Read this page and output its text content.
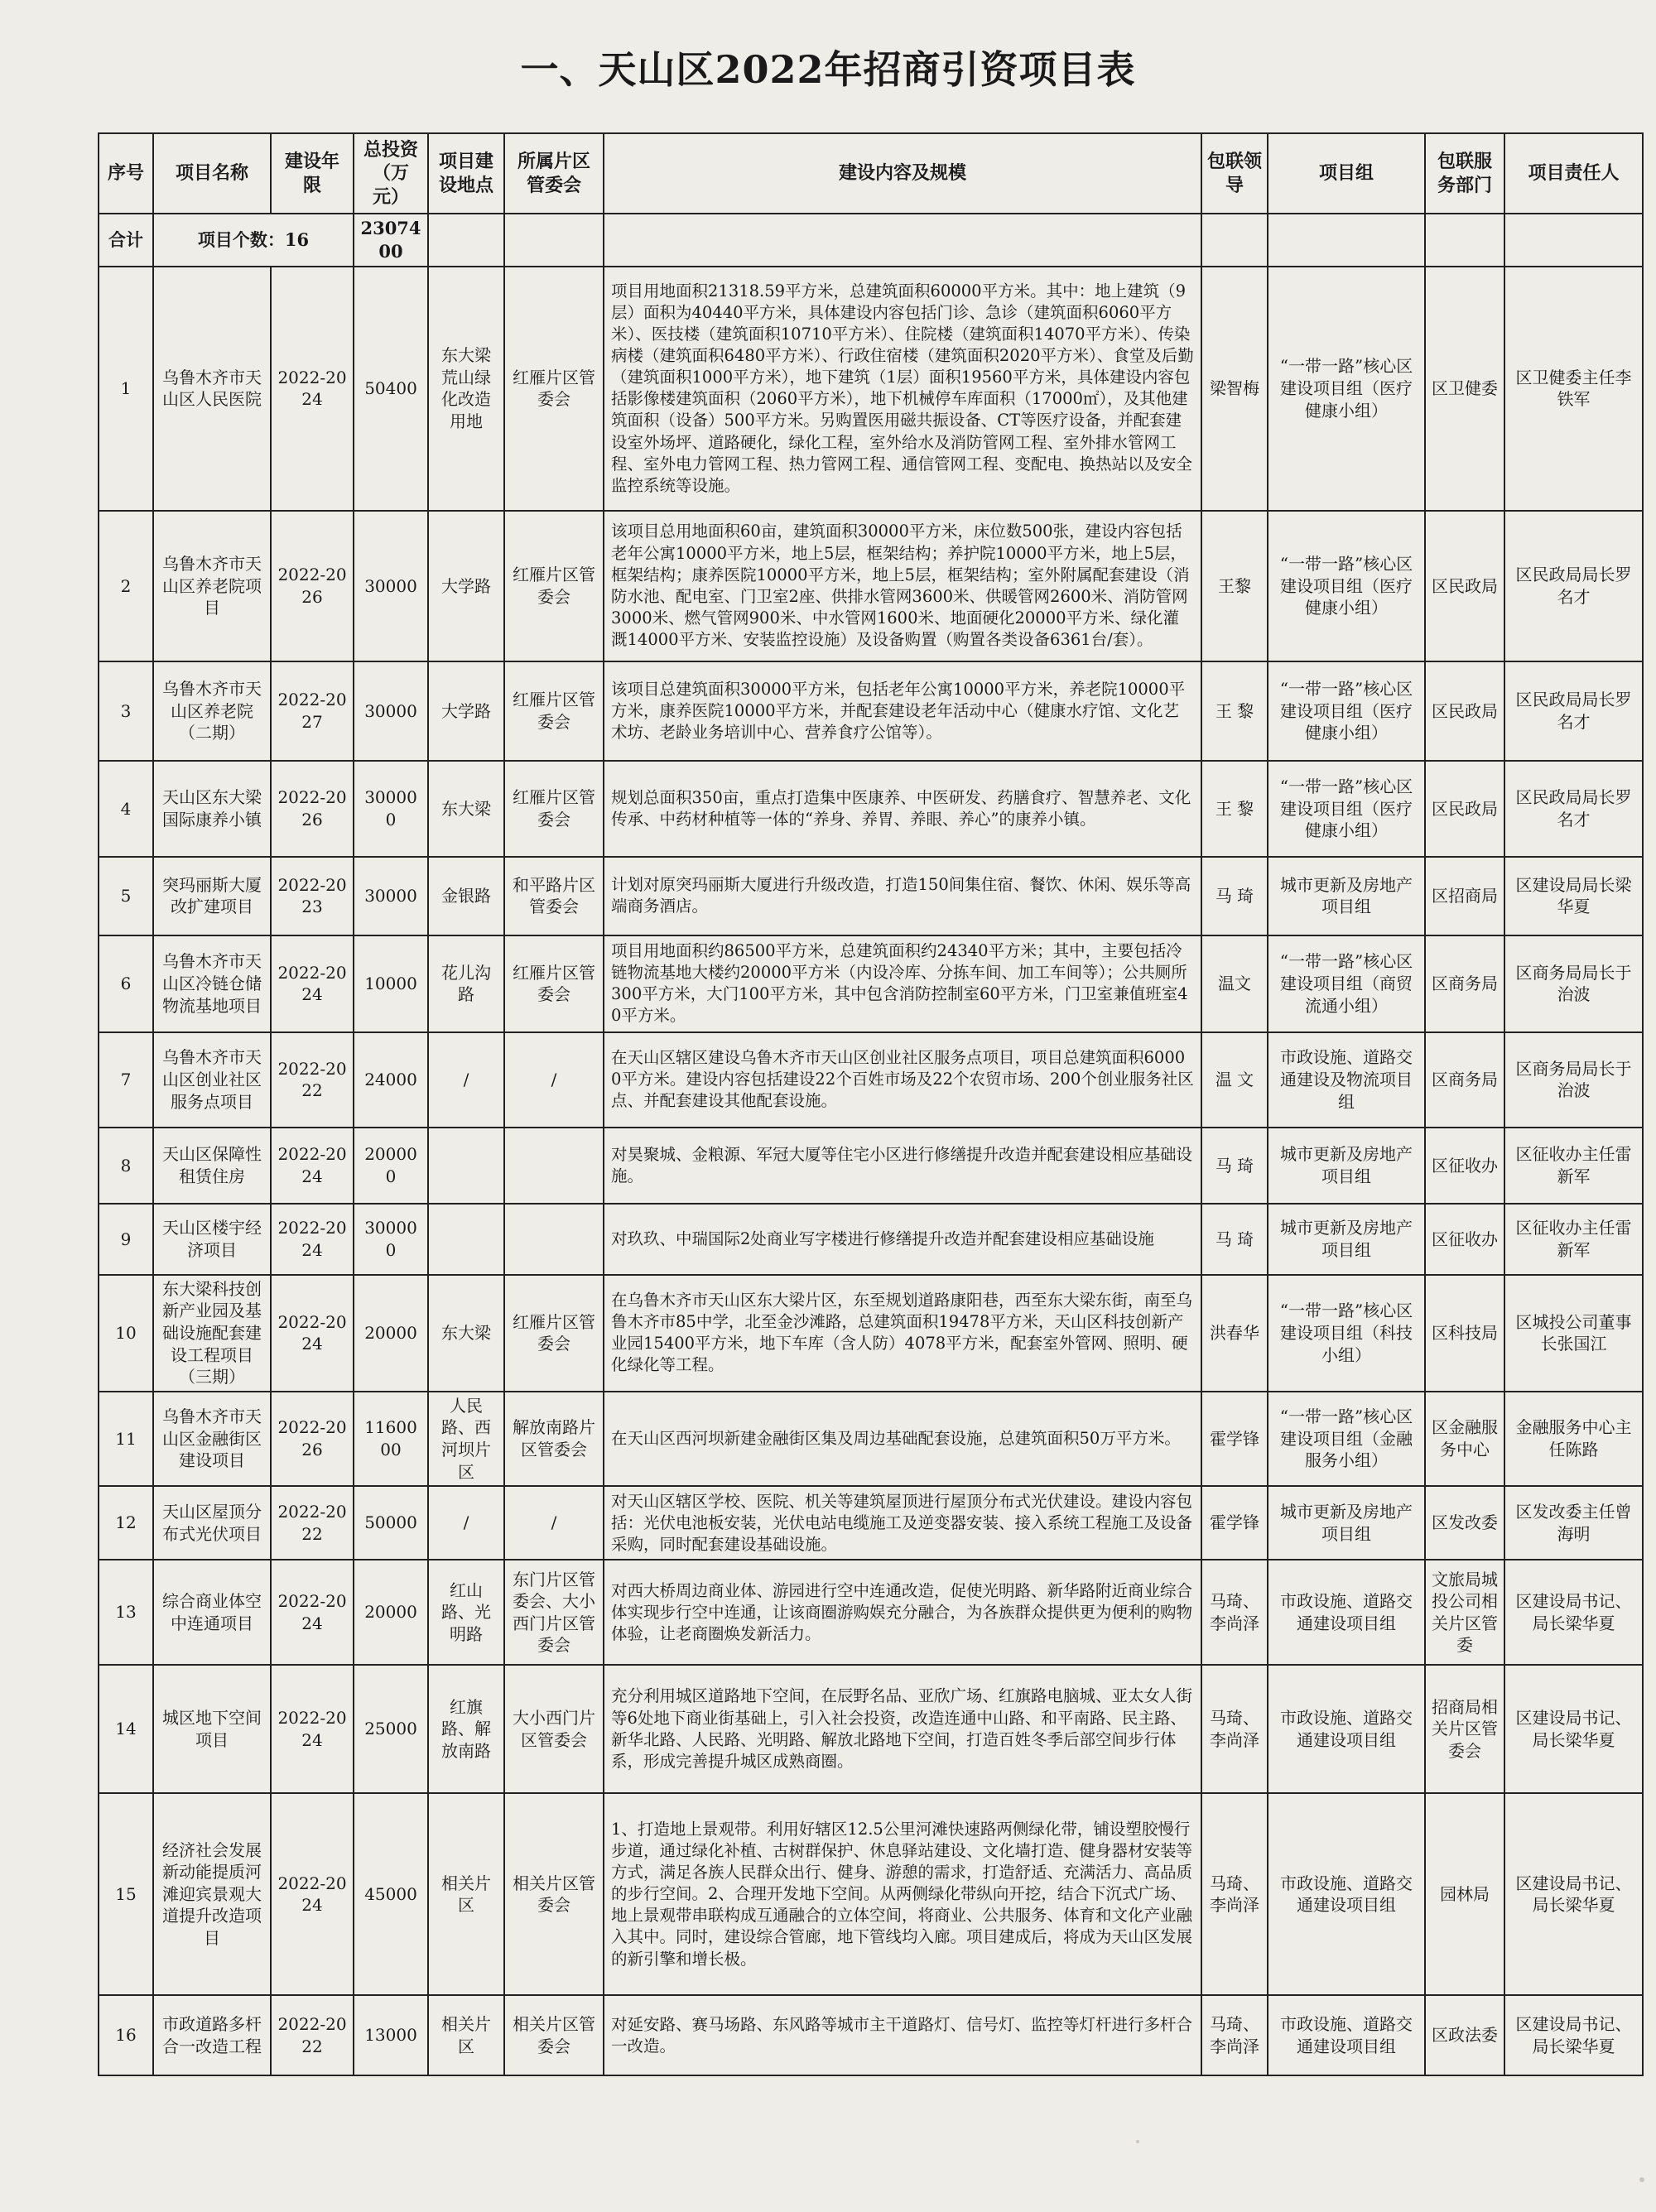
一、天山区2022年招商引资项目表
序号	项目名称	建设年限	总投资（万元）	项目建设地点	所属片区管委会	建设内容及规模	包联领导	项目组	包联服务部门	项目责任人
合计	项目个数：16		2307400							
1	乌鲁木齐市天山区人民医院	2022-2024	50400	东大梁荒山绿化改造用地	红雁片区管委会	项目用地面积21318.59平方米，总建筑面积60000平方米。其中：地上建筑（9层）面积为40440平方米，具体建设内容包括门诊、急诊（建筑面积6060平方米）、医技楼（建筑面积10710平方米）、住院楼（建筑面积14070平方米）、传染病楼（建筑面积6480平方米）、行政住宿楼（建筑面积2020平方米）、食堂及后勤（建筑面积1000平方米），地下建筑（1层）面积19560平方米，具体建设内容包括影像楼建筑面积（2060平方米），地下机械停车库面积（17000㎡），及其他建筑面积（设备）500平方米。另购置医用磁共振设备、CT等医疗设备，并配套建设室外场坪、道路硬化，绿化工程，室外给水及消防管网工程、室外排水管网工程、室外电力管网工程、热力管网工程、通信管网工程、变配电、换热站以及安全监控系统等设施。	梁智梅	“一带一路”核心区建设项目组（医疗健康小组）	区卫健委	区卫健委主任李铁军
2	乌鲁木齐市天山区养老院项目	2022-2026	30000	大学路	红雁片区管委会	该项目总用地面积60亩，建筑面积30000平方米，床位数500张，建设内容包括老年公寓10000平方米，地上5层，框架结构；养护院10000平方米，地上5层，框架结构；康养医院10000平方米，地上5层，框架结构；室外附属配套建设（消防水池、配电室、门卫室2座、供排水管网3600米、供暖管网2600米、消防管网3000米、燃气管网900米、中水管网1600米、地面硬化20000平方米、绿化灌溉14000平方米、安装监控设施）及设备购置（购置各类设备6361台/套）。	王黎	“一带一路”核心区建设项目组（医疗健康小组）	区民政局	区民政局局长罗名才
3	乌鲁木齐市天山区养老院（二期）	2022-2027	30000	大学路	红雁片区管委会	该项目总建筑面积30000平方米，包括老年公寓10000平方米，养老院10000平方米，康养医院10000平方米，并配套建设老年活动中心（健康水疗馆、文化艺术坊、老龄业务培训中心、营养食疗公馆等）。	王 黎	“一带一路”核心区建设项目组（医疗健康小组）	区民政局	区民政局局长罗名才
4	天山区东大梁国际康养小镇	2022-2026	300000	东大梁	红雁片区管委会	规划总面积350亩，重点打造集中医康养、中医研发、药膳食疗、智慧养老、文化传承、中药材种植等一体的“养身、养胃、养眼、养心”的康养小镇。	王 黎	“一带一路”核心区建设项目组（医疗健康小组）	区民政局	区民政局局长罗名才
5	突玛丽斯大厦改扩建项目	2022-2023	30000	金银路	和平路片区管委会	计划对原突玛丽斯大厦进行升级改造，打造150间集住宿、餐饮、休闲、娱乐等高端商务酒店。	马 琦	城市更新及房地产项目组	区招商局	区建设局局长梁华夏
6	乌鲁木齐市天山区冷链仓储物流基地项目	2022-2024	10000	花儿沟路	红雁片区管委会	项目用地面积约86500平方米，总建筑面积约24340平方米；其中，主要包括冷链物流基地大楼约20000平方米（内设冷库、分拣车间、加工车间等）；公共厕所300平方米，大门100平方米，其中包含消防控制室60平方米，门卫室兼值班室40平方米。	温文	“一带一路”核心区建设项目组（商贸流通小组）	区商务局	区商务局局长于治波
7	乌鲁木齐市天山区创业社区服务点项目	2022-2022	24000	/	/	在天山区辖区建设乌鲁木齐市天山区创业社区服务点项目，项目总建筑面积60000平方米。建设内容包括建设22个百姓市场及22个农贸市场、200个创业服务社区点、并配套建设其他配套设施。	温 文	市政设施、道路交通建设及物流项目组	区商务局	区商务局局长于治波
8	天山区保障性租赁住房	2022-2024	200000			对昊聚城、金粮源、军冠大厦等住宅小区进行修缮提升改造并配套建设相应基础设施。	马 琦	城市更新及房地产项目组	区征收办	区征收办主任雷新军
9	天山区楼宇经济项目	2022-2024	300000			对玖玖、中瑞国际2处商业写字楼进行修缮提升改造并配套建设相应基础设施	马 琦	城市更新及房地产项目组	区征收办	区征收办主任雷新军
10	东大梁科技创新产业园及基础设施配套建设工程项目（三期）	2022-2024	20000	东大梁	红雁片区管委会	在乌鲁木齐市天山区东大梁片区，东至规划道路康阳巷，西至东大梁东街，南至乌鲁木齐市85中学，北至金沙滩路，总建筑面积19478平方米，天山区科技创新产业园15400平方米，地下车库（含人防）4078平方米，配套室外管网、照明、硬化绿化等工程。	洪春华	“一带一路”核心区建设项目组（科技小组）	区科技局	区城投公司董事长张国江
11	乌鲁木齐市天山区金融街区建设项目	2022-2026	1160000	人民路、西河坝片区	解放南路片区管委会	在天山区西河坝新建金融街区集及周边基础配套设施，总建筑面积50万平方米。	霍学锋	“一带一路”核心区建设项目组（金融服务小组）	区金融服务中心	金融服务中心主任陈路
12	天山区屋顶分布式光伏项目	2022-2022	50000	/	/	对天山区辖区学校、医院、机关等建筑屋顶进行屋顶分布式光伏建设。建设内容包括：光伏电池板安装，光伏电站电缆施工及逆变器安装、接入系统工程施工及设备采购，同时配套建设基础设施。	霍学锋	城市更新及房地产项目组	区发改委	区发改委主任曾海明
13	综合商业体空中连通项目	2022-2024	20000	红山路、光明路	东门片区管委会、大小西门片区管委会	对西大桥周边商业体、游园进行空中连通改造，促使光明路、新华路附近商业综合体实现步行空中连通，让该商圈游购娱充分融合，为各族群众提供更为便利的购物体验，让老商圈焕发新活力。	马琦、李尚泽	市政设施、道路交通建设项目组	文旅局城投公司相关片区管委	区建设局书记、局长梁华夏
14	城区地下空间项目	2022-2024	25000	红旗路、解放南路	大小西门片区管委会	充分利用城区道路地下空间，在辰野名品、亚欣广场、红旗路电脑城、亚太女人街等6处地下商业街基础上，引入社会投资，改造连通中山路、和平南路、民主路、新华北路、人民路、光明路、解放北路地下空间，打造百姓冬季后部空间步行体系，形成完善提升城区成熟商圈。	马琦、李尚泽	市政设施、道路交通建设项目组	招商局相关片区管委会	区建设局书记、局长梁华夏
15	经济社会发展新动能提质河滩迎宾景观大道提升改造项目	2022-2024	45000	相关片区	相关片区管委会	1、打造地上景观带。利用好辖区12.5公里河滩快速路两侧绿化带，铺设塑胶慢行步道，通过绿化补植、古树群保护、休息驿站建设、文化墙打造、健身器材安装等方式，满足各族人民群众出行、健身、游憩的需求，打造舒适、充满活力、高品质的步行空间。2、合理开发地下空间。从两侧绿化带纵向开挖，结合下沉式广场、地上景观带串联构成互通融合的立体空间，将商业、公共服务、体育和文化产业融入其中。同时，建设综合管廊，地下管线均入廊。项目建成后，将成为天山区发展的新引擎和增长极。	马琦、李尚泽	市政设施、道路交通建设项目组	园林局	区建设局书记、局长梁华夏
16	市政道路多杆合一改造工程	2022-2022	13000	相关片区	相关片区管委会	对延安路、赛马场路、东风路等城市主干道路灯、信号灯、监控等灯杆进行多杆合一改造。	马琦、李尚泽	市政设施、道路交通建设项目组	区政法委	区建设局书记、局长梁华夏
